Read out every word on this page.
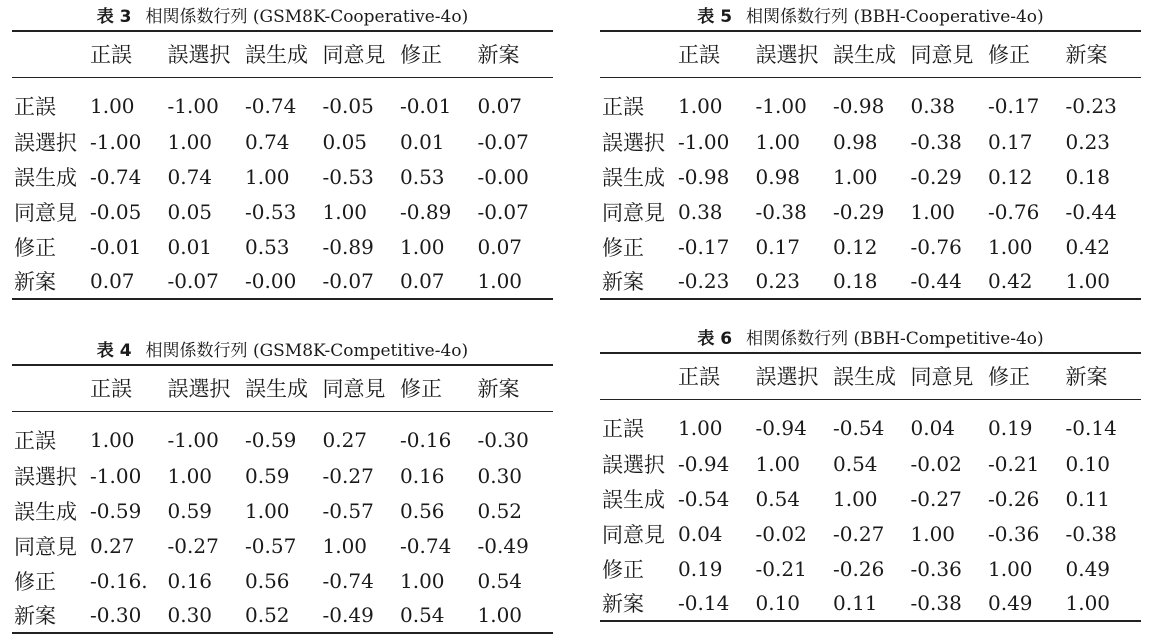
表 3 相関係数行列 (GSM8K-Cooperative-4o)
	正誤	誤選択	誤生成	同意見	修正	新案
正誤	1.00	-1.00	-0.74	-0.05	-0.01	0.07
誤選択	-1.00	1.00	0.74	0.05	0.01	-0.07
誤生成	-0.74	0.74	1.00	-0.53	0.53	-0.00
同意見	-0.05	0.05	-0.53	1.00	-0.89	-0.07
修正	-0.01	0.01	0.53	-0.89	1.00	0.07
新案	0.07	-0.07	-0.00	-0.07	0.07	1.00
表 5 相関係数行列 (BBH-Cooperative-4o)
	正誤	誤選択	誤生成	同意見	修正	新案
正誤	1.00	-1.00	-0.98	0.38	-0.17	-0.23
誤選択	-1.00	1.00	0.98	-0.38	0.17	0.23
誤生成	-0.98	0.98	1.00	-0.29	0.12	0.18
同意見	0.38	-0.38	-0.29	1.00	-0.76	-0.44
修正	-0.17	0.17	0.12	-0.76	1.00	0.42
新案	-0.23	0.23	0.18	-0.44	0.42	1.00
表 4 相関係数行列 (GSM8K-Competitive-4o)
	正誤	誤選択	誤生成	同意見	修正	新案
正誤	1.00	-1.00	-0.59	0.27	-0.16	-0.30
誤選択	-1.00	1.00	0.59	-0.27	0.16	0.30
誤生成	-0.59	0.59	1.00	-0.57	0.56	0.52
同意見	0.27	-0.27	-0.57	1.00	-0.74	-0.49
修正	-0.16.	0.16	0.56	-0.74	1.00	0.54
新案	-0.30	0.30	0.52	-0.49	0.54	1.00
表 6 相関係数行列 (BBH-Competitive-4o)
	正誤	誤選択	誤生成	同意見	修正	新案
正誤	1.00	-0.94	-0.54	0.04	0.19	-0.14
誤選択	-0.94	1.00	0.54	-0.02	-0.21	0.10
誤生成	-0.54	0.54	1.00	-0.27	-0.26	0.11
同意見	0.04	-0.02	-0.27	1.00	-0.36	-0.38
修正	0.19	-0.21	-0.26	-0.36	1.00	0.49
新案	-0.14	0.10	0.11	-0.38	0.49	1.00
